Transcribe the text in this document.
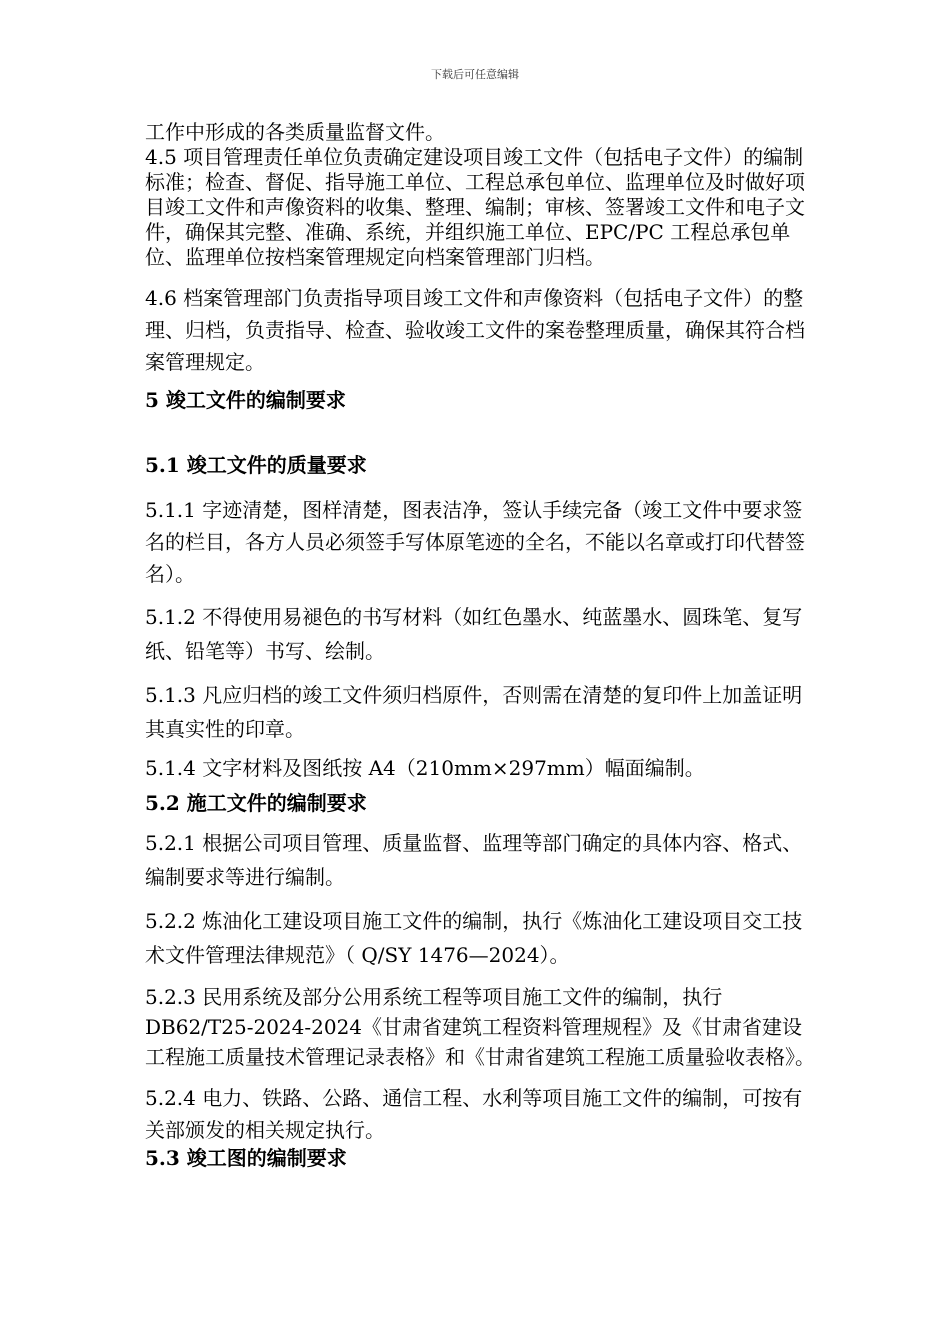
下载后可任意编辑

工作中形成的各类质量监督文件。

4.5 项目管理责任单位负责确定建设项目竣工文件（包括电子文件）的编制标准；检查、督促、指导施工单位、工程总承包单位、监理单位及时做好项目竣工文件和声像资料的收集、整理、编制；审核、签署竣工文件和电子文件，确保其完整、准确、系统，并组织施工单位、EPC/PC 工程总承包单位、监理单位按档案管理规定向档案管理部门归档。

4.6 档案管理部门负责指导项目竣工文件和声像资料（包括电子文件）的整理、归档，负责指导、检查、验收竣工文件的案卷整理质量，确保其符合档案管理规定。

5 竣工文件的编制要求

5.1 竣工文件的质量要求

5.1.1 字迹清楚，图样清楚，图表洁净，签认手续完备（竣工文件中要求签名的栏目，各方人员必须签手写体原笔迹的全名，不能以名章或打印代替签名）。

5.1.2 不得使用易褪色的书写材料（如红色墨水、纯蓝墨水、圆珠笔、复写纸、铅笔等）书写、绘制。

5.1.3 凡应归档的竣工文件须归档原件，否则需在清楚的复印件上加盖证明其真实性的印章。

5.1.4 文字材料及图纸按 A4（210mm×297mm）幅面编制。

5.2 施工文件的编制要求

5.2.1 根据公司项目管理、质量监督、监理等部门确定的具体内容、格式、编制要求等进行编制。

5.2.2 炼油化工建设项目施工文件的编制，执行《炼油化工建设项目交工技术文件管理法律规范》（ Q/SY 1476—2024）。

5.2.3 民用系统及部分公用系统工程等项目施工文件的编制，执行 DB62/T25-2024-2024《甘肃省建筑工程资料管理规程》及《甘肃省建设工程施工质量技术管理记录表格》和《甘肃省建筑工程施工质量验收表格》。

5.2.4 电力、铁路、公路、通信工程、水利等项目施工文件的编制，可按有关部颁发的相关规定执行。

5.3 竣工图的编制要求
